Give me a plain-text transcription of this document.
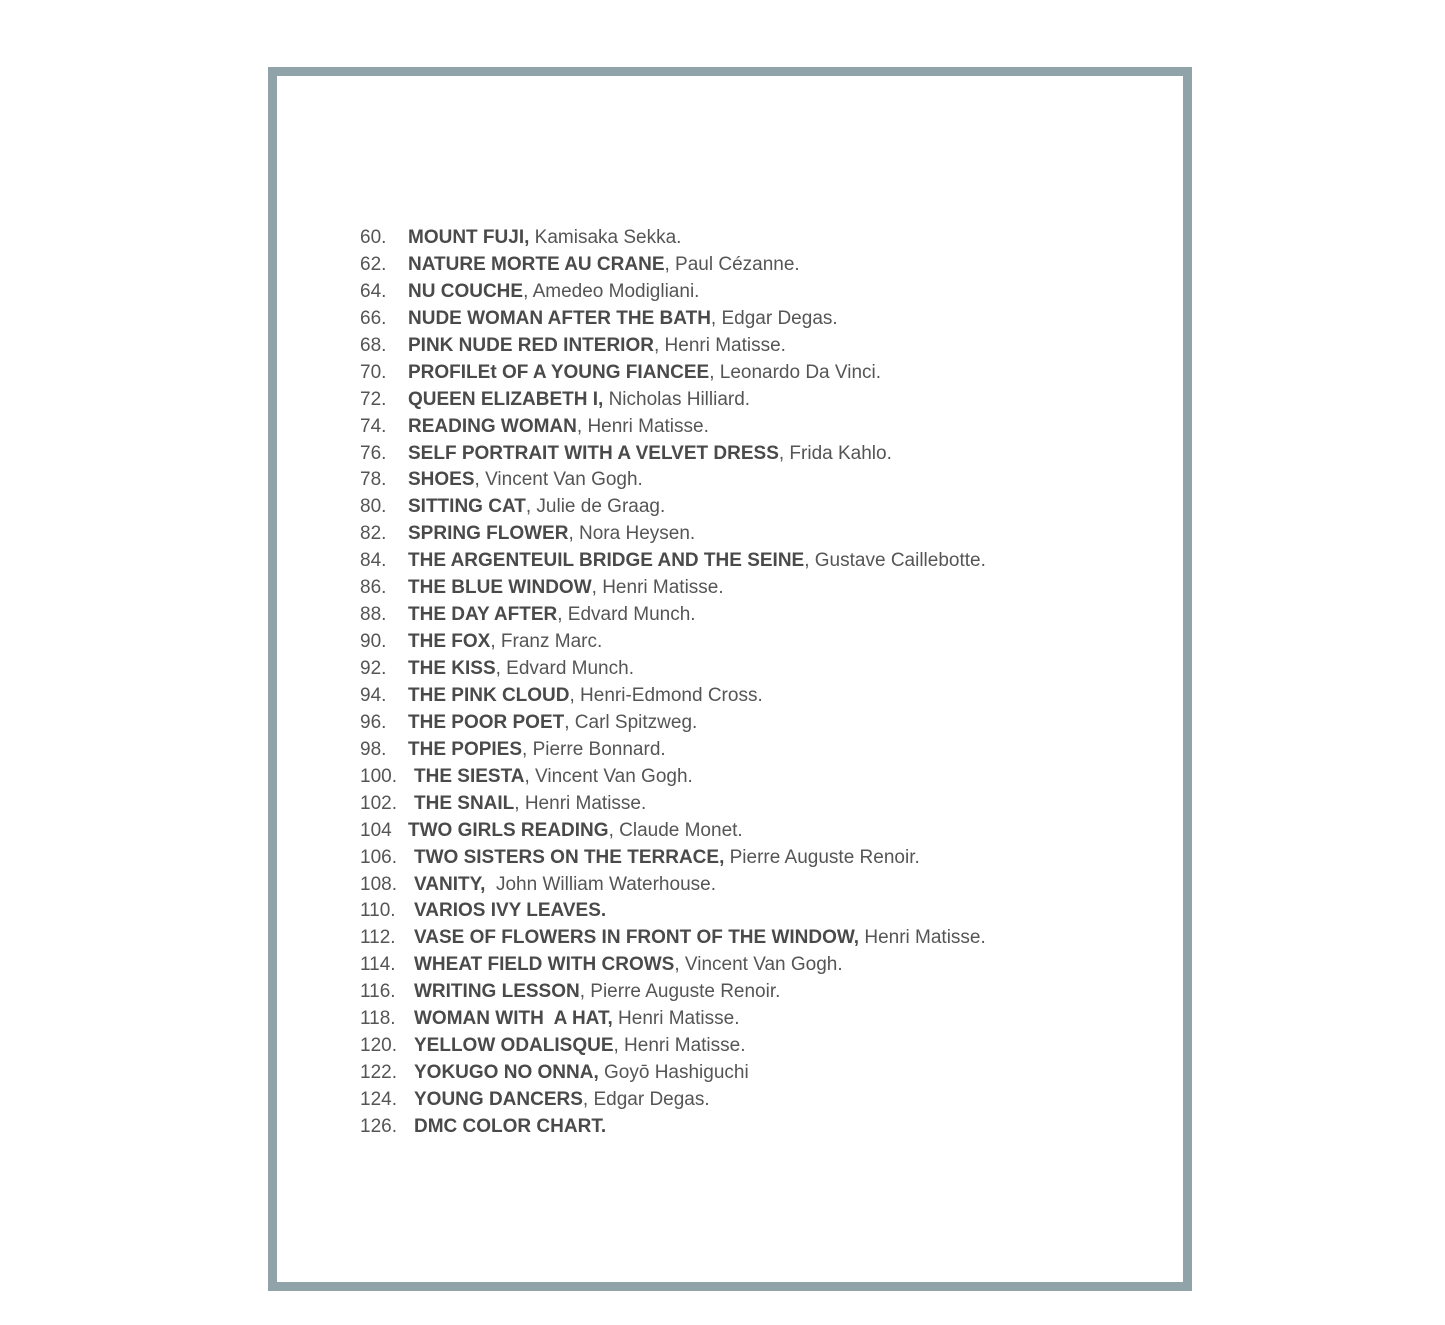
60.	MOUNT FUJI, Kamisaka Sekka.
62.	NATURE MORTE AU CRANE , Paul Cézanne.
64.	NU COUCHE , Amedeo Modigliani.
66.	NUDE WOMAN AFTER THE BATH , Edgar Degas.
68.	PINK NUDE RED INTERIOR , Henri Matisse.
70.	PROFILEt OF A YOUNG FIANCEE , Leonardo Da Vinci.
72.	QUEEN ELIZABETH I, Nicholas Hilliard.
74.	READING WOMAN , Henri Matisse.
76.	SELF PORTRAIT WITH A VELVET DRESS , Frida Kahlo.
78.	SHOES , Vincent Van Gogh.
80.	SITTING CAT , Julie de Graag.
82.	SPRING FLOWER , Nora Heysen.
84.	THE ARGENTEUIL BRIDGE AND THE SEINE , Gustave Caillebotte.
86.	THE BLUE WINDOW , Henri Matisse.
88.	THE DAY AFTER , Edvard Munch.
90.	THE FOX , Franz Marc.
92.	THE KISS , Edvard Munch.
94.	THE PINK CLOUD , Henri-Edmond Cross.
96.	THE POOR POET , Carl Spitzweg.
98.	THE POPIES , Pierre Bonnard.
100. THE SIESTA , Vincent Van Gogh.
102. THE SNAIL , Henri Matisse.
104 TWO GIRLS READING , Claude Monet.
106. TWO SISTERS ON THE TERRACE, Pierre Auguste Renoir.
108. VANITY, John William Waterhouse.
110. VARIOS IVY LEAVES.
112. VASE OF FLOWERS IN FRONT OF THE WINDOW, Henri Matisse.
114. WHEAT FIELD WITH CROWS , Vincent Van Gogh.
116. WRITING LESSON , Pierre Auguste Renoir.
118. WOMAN WITH  A HAT, Henri Matisse.
120. YELLOW ODALISQUE , Henri Matisse.
122. YOKUGO NO ONNA, Goyō Hashiguchi
124. YOUNG DANCERS , Edgar Degas.
126. DMC COLOR CHART.
